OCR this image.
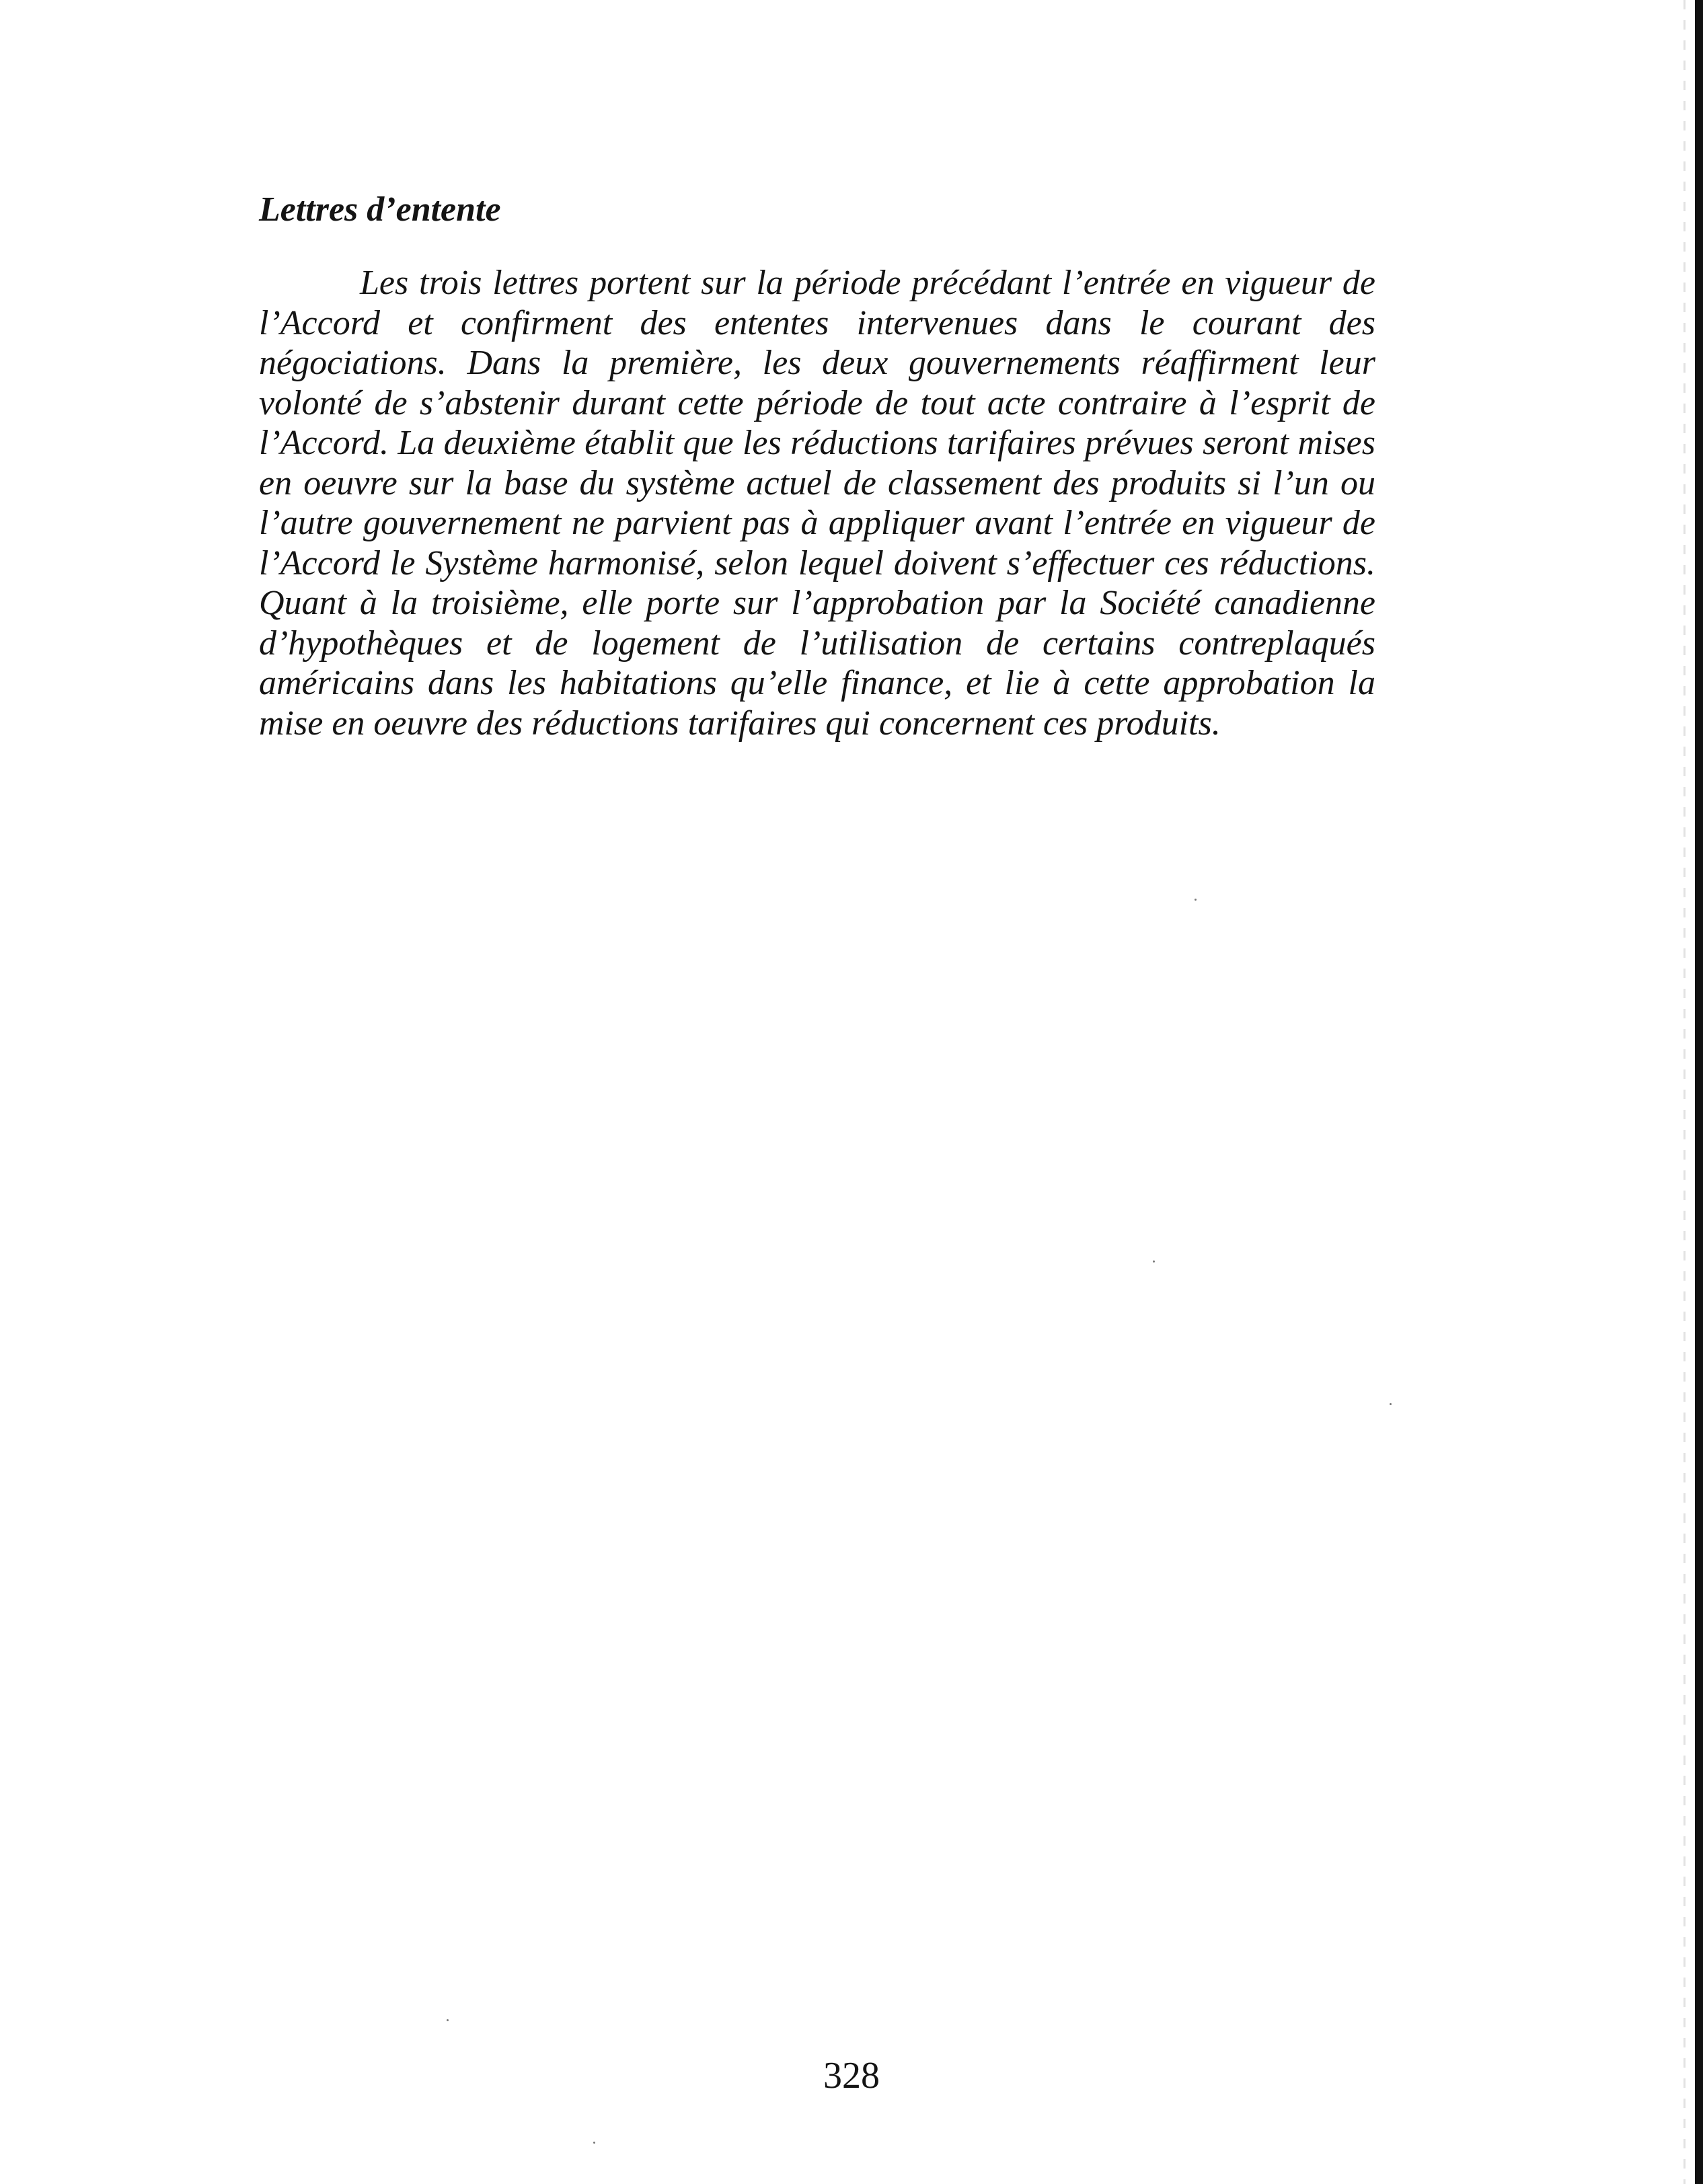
Lettres d’entente

Les trois lettres portent sur la période précédant l’entrée en vigueur de l’Accord et confirment des ententes intervenues dans le courant des négociations. Dans la première, les deux gouvernements réaffirment leur volonté de s’abstenir durant cette période de tout acte contraire à l’esprit de l’Accord. La deuxième établit que les réductions tarifaires prévues seront mises en oeuvre sur la base du système actuel de classement des produits si l’un ou l’autre gouvernement ne parvient pas à appliquer avant l’entrée en vigueur de l’Accord le Système harmonisé, selon lequel doivent s’effectuer ces réductions. Quant à la troisième, elle porte sur l’approbation par la Société canadienne d’hypothèques et de logement de l’utilisation de certains contreplaqués américains dans les habitations qu’elle finance, et lie à cette approbation la mise en oeuvre des réductions tarifaires qui concernent ces produits.

328
